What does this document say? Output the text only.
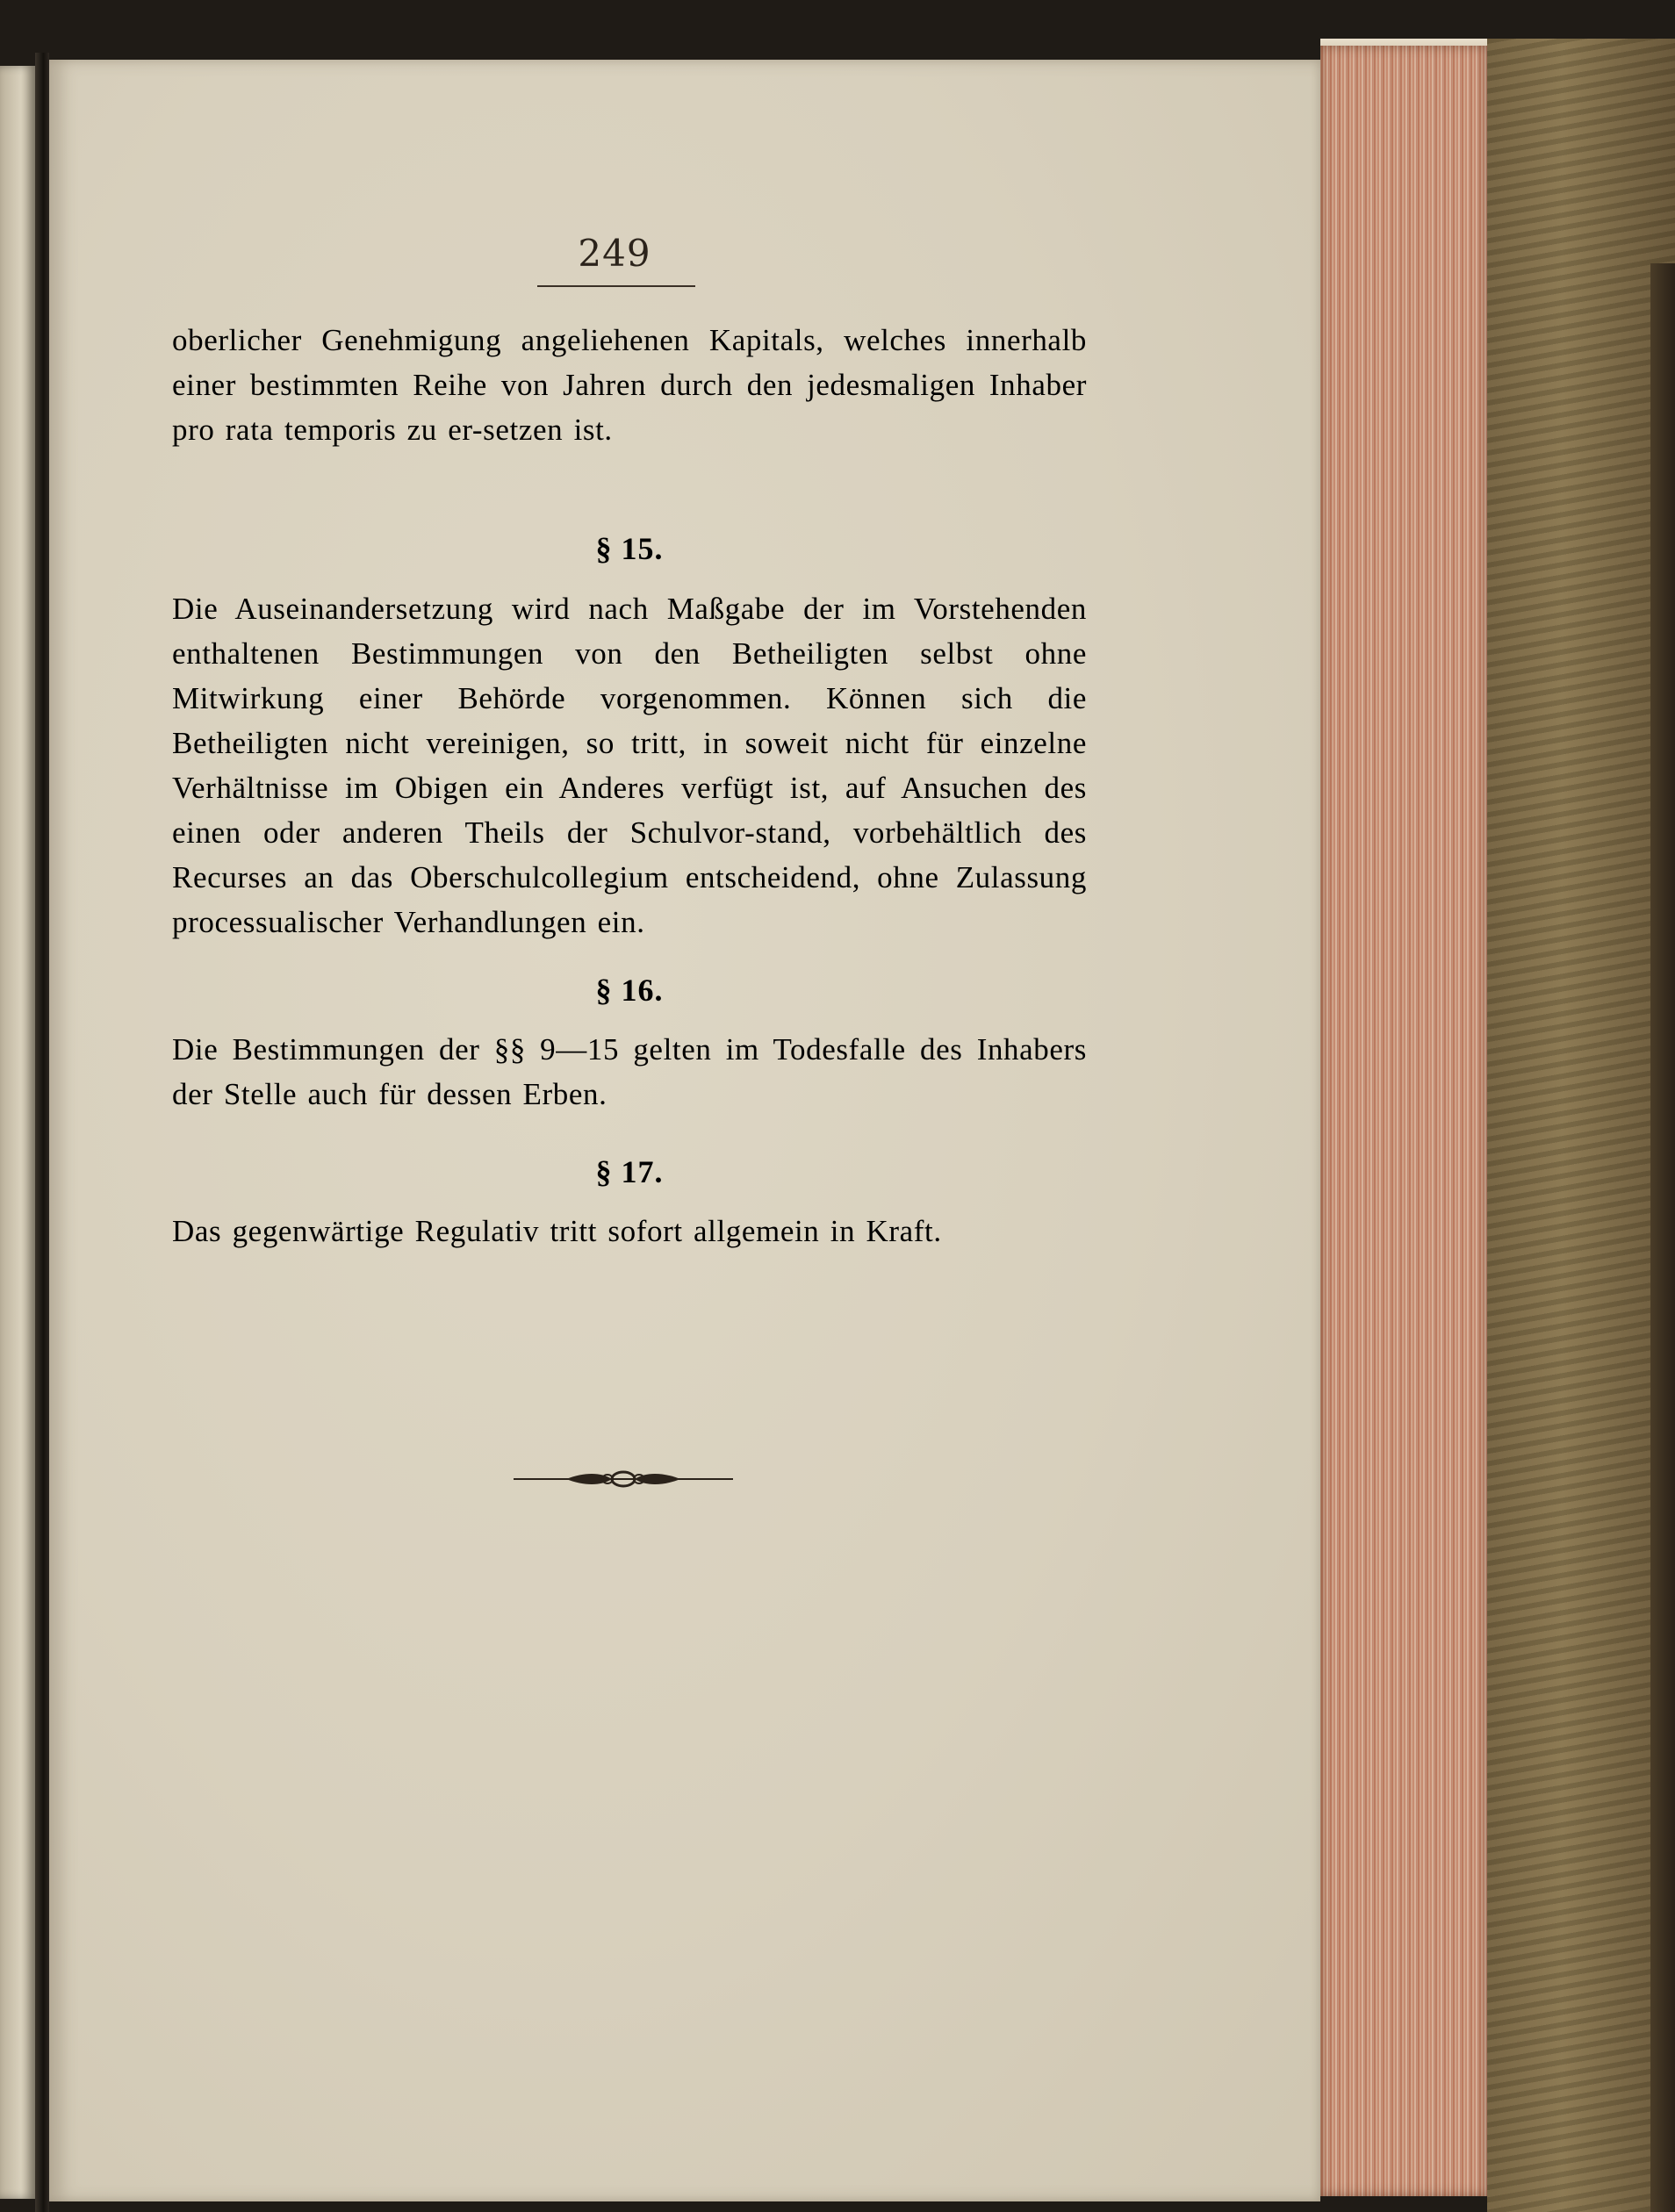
249

oberlicher Genehmigung angeliehenen Kapitals, welches innerhalb einer bestimmten Reihe von Jahren durch den jedesmaligen Inhaber pro rata temporis zu er-setzen ist.

§ 15.

Die Auseinandersetzung wird nach Maßgabe der im Vorstehenden enthaltenen Bestimmungen von den Betheiligten selbst ohne Mitwirkung einer Behörde vorgenommen. Können sich die Betheiligten nicht vereinigen, so tritt, in soweit nicht für einzelne Verhältnisse im Obigen ein Anderes verfügt ist, auf Ansuchen des einen oder anderen Theils der Schulvor-stand, vorbehältlich des Recurses an das Oberschulcollegium entscheidend, ohne Zulassung processualischer Verhandlungen ein.

§ 16.

Die Bestimmungen der §§ 9—15 gelten im Todesfalle des Inhabers der Stelle auch für dessen Erben.

§ 17.

Das gegenwärtige Regulativ tritt sofort allgemein in Kraft.
